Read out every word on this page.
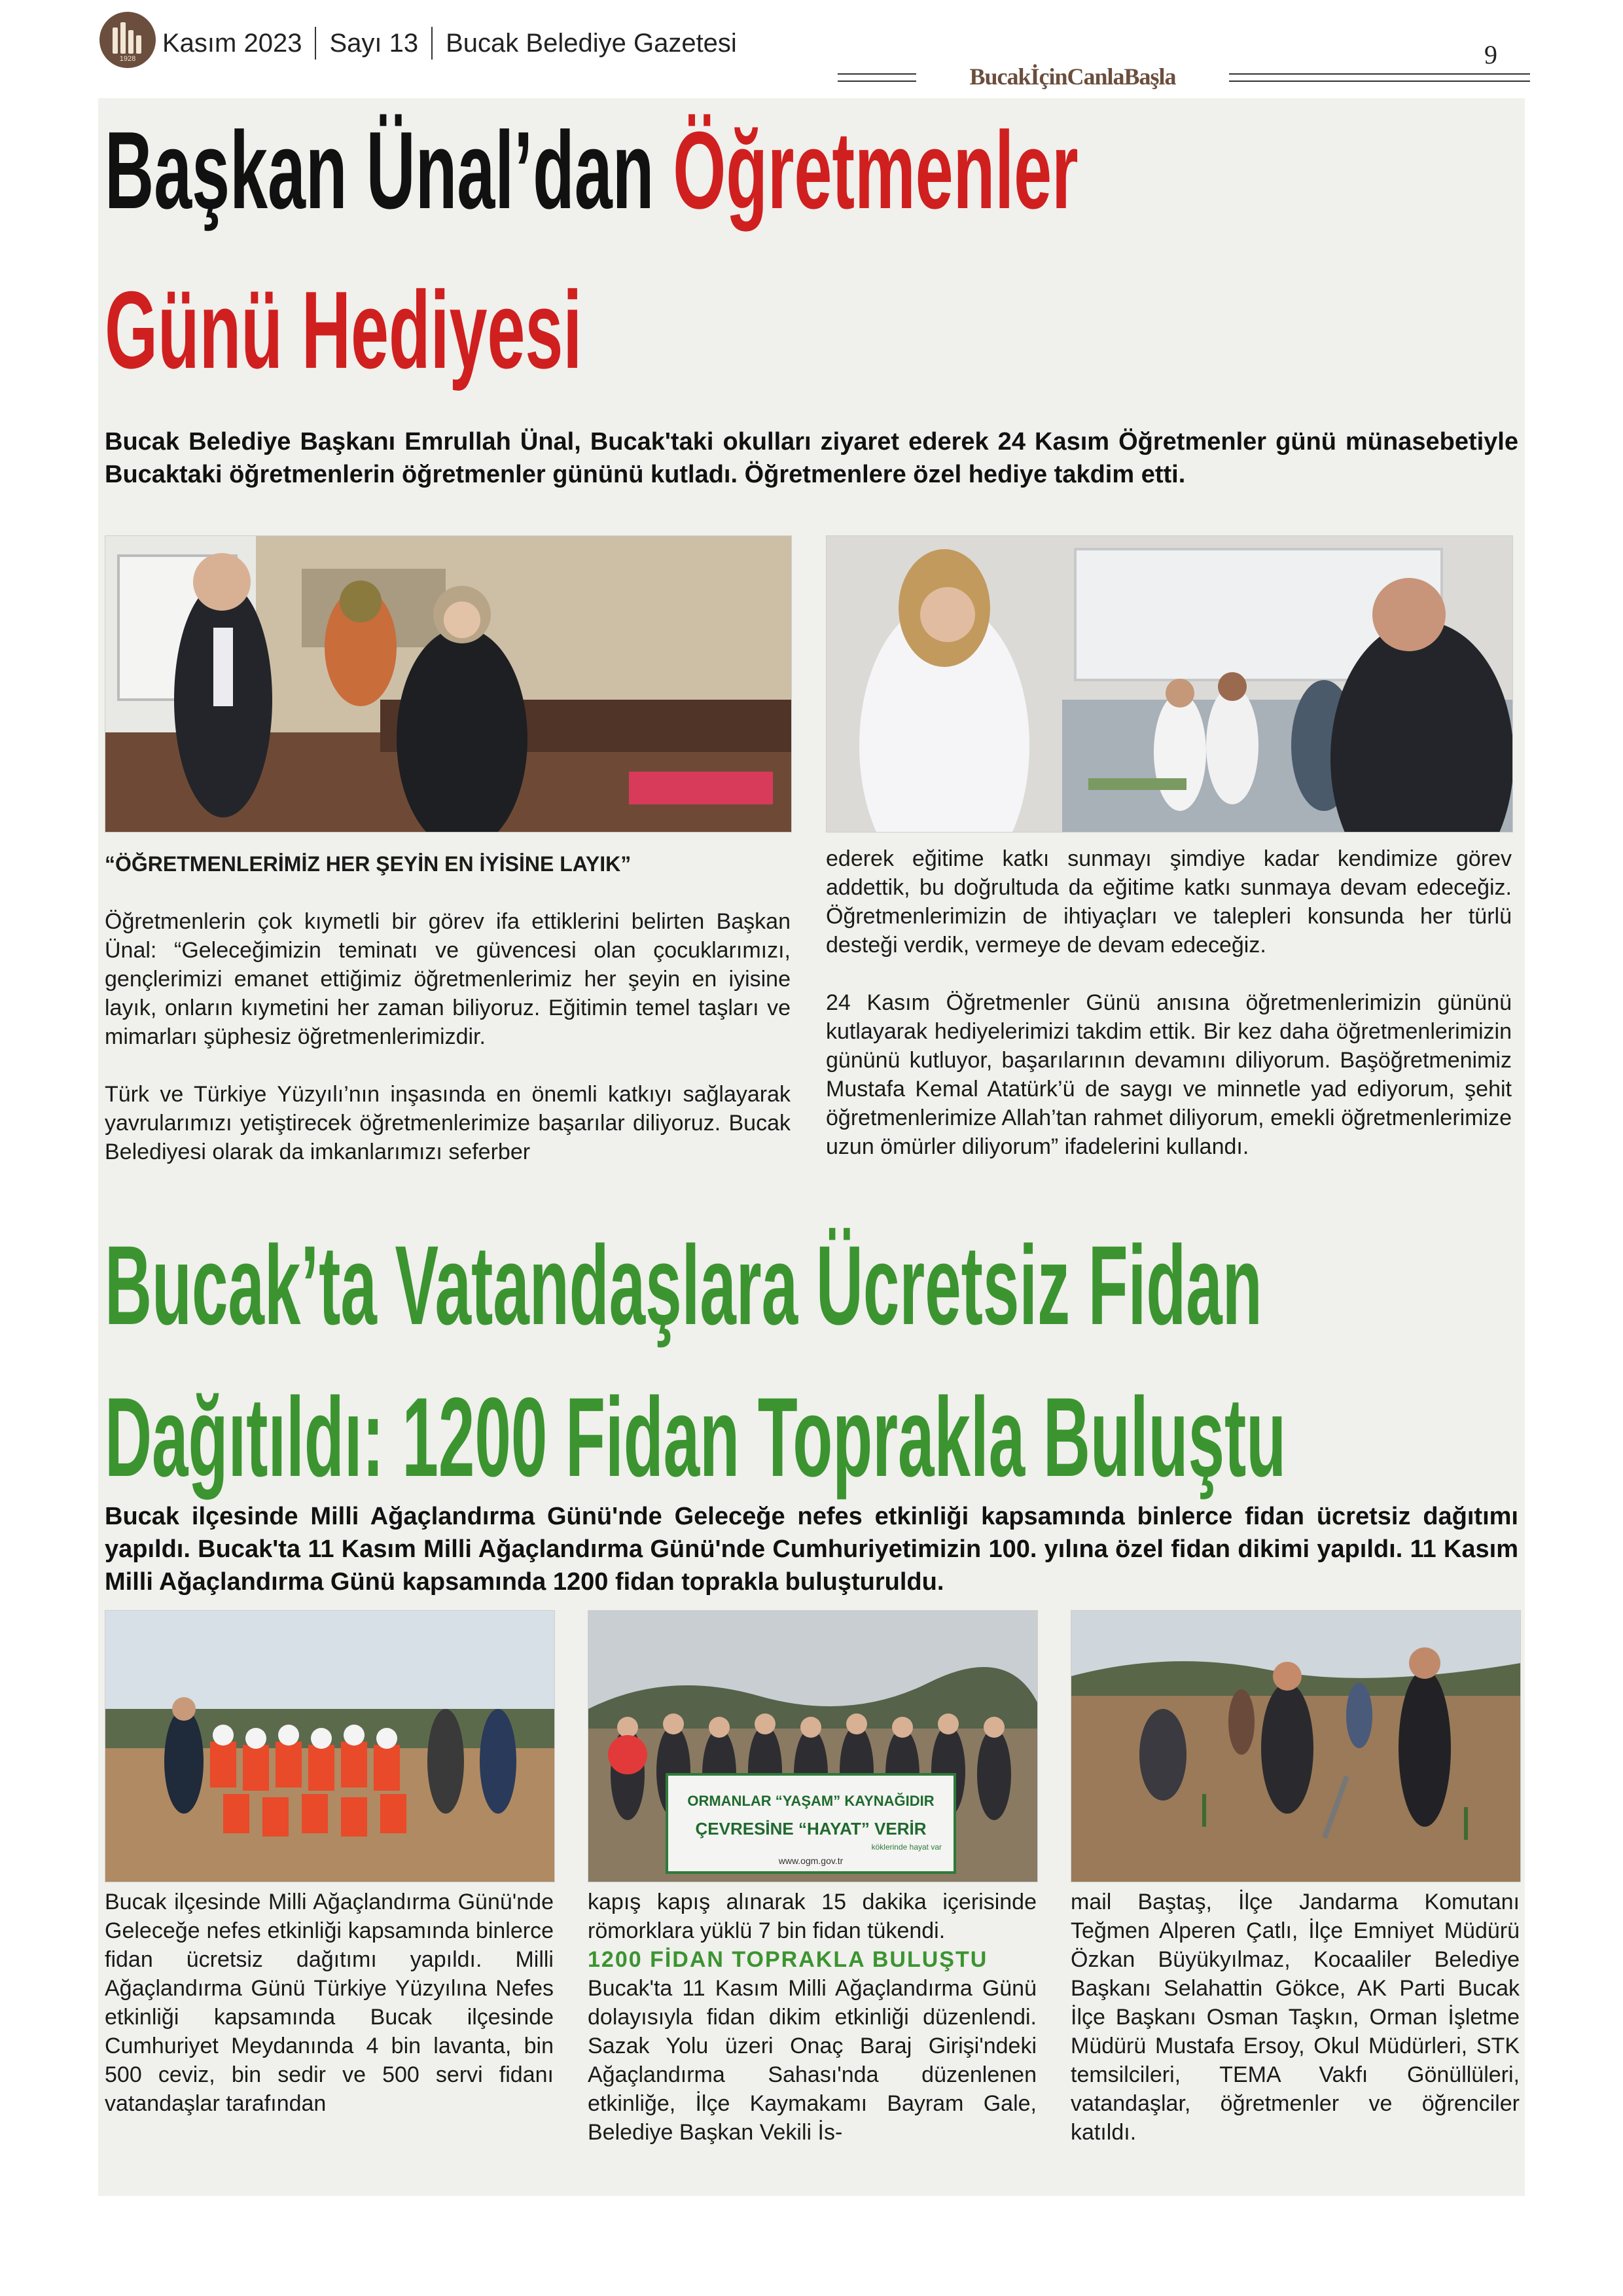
1928
Kasım 2023 Sayı 13 Bucak Belediye Gazetesi	9
BucakİçinCanlaBaşla
Başkan Ünal’dan Öğretmenler
Günü Hediyesi
Bucak Belediye Başkanı Emrullah Ünal, Bucak'taki okulları ziyaret ederek 24 Kasım Öğretmenler günü münasebetiyle Bucaktaki öğretmenlerin öğretmenler gününü kutladı. Öğretmenlere özel hediye takdim etti.

“ÖĞRETMENLERİMİZ HER ŞEYİN EN İYİSİNE LAYIK”

Öğretmenlerin çok kıymetli bir görev ifa ettiklerini belirten Başkan Ünal: “Geleceğimizin teminatı ve güvencesi olan çocuklarımızı, gençlerimizi emanet ettiğimiz öğretmenlerimiz her şeyin en iyisine layık, onların kıymetini her zaman biliyoruz. Eğitimin temel taşları ve mimarları şüphesiz öğretmenlerimizdir.

Türk ve Türkiye Yüzyılı’nın inşasında en önemli katkıyı sağlayarak yavrularımızı yetiştirecek öğretmenlerimize başarılar diliyoruz. Bucak Belediyesi olarak da imkanlarımızı seferber

ederek eğitime katkı sunmayı şimdiye kadar kendimize görev addettik, bu doğrultuda da eğitime katkı sunmaya devam edeceğiz. Öğretmenlerimizin de ihtiyaçları ve talepleri konsunda her türlü desteği verdik, vermeye de devam edeceğiz.

24 Kasım Öğretmenler Günü anısına öğretmenlerimizin gününü kutlayarak hediyelerimizi takdim ettik. Bir kez daha öğretmenlerimizin gününü kutluyor, başarılarının devamını diliyorum. Başöğretmenimiz Mustafa Kemal Atatürk’ü de saygı ve minnetle yad ediyorum, şehit öğretmenlerimize Allah’tan rahmet diliyorum, emekli öğretmenlerimize uzun ömürler diliyorum” ifadelerini kullandı.

Bucak’ta Vatandaşlara Ücretsiz Fidan
Dağıtıldı: 1200 Fidan Toprakla Buluştu
Bucak ilçesinde Milli Ağaçlandırma Günü'nde Geleceğe nefes etkinliği kapsamında binlerce fidan ücretsiz dağıtımı yapıldı. Bucak'ta 11 Kasım Milli Ağaçlandırma Günü'nde Cumhuriyetimizin 100. yılına özel fidan dikimi yapıldı. 11 Kasım Milli Ağaçlandırma Günü kapsamında 1200 fidan toprakla buluşturuldu.
ORMANLAR “YAŞAM” KAYNAĞIDIR
ÇEVRESİNE “HAYAT” VERİR
köklerinde hayat var
www.ogm.gov.tr

Bucak ilçesinde Milli Ağaçlandırma Günü'nde Geleceğe nefes etkinliği kapsamında binlerce fidan ücretsiz dağıtımı yapıldı. Milli Ağaçlandırma Günü Türkiye Yüzyılına Nefes etkinliği kapsamında Bucak ilçesinde Cumhuriyet Meydanında 4 bin lavanta, bin 500 ceviz, bin sedir ve 500 servi fidanı vatandaşlar tarafından

kapış kapış alınarak 15 dakika içerisinde römorklara yüklü 7 bin fidan tükendi.

1200 FİDAN TOPRAKLA BULUŞTU

Bucak'ta 11 Kasım Milli Ağaçlandırma Günü dolayısıyla fidan dikim etkinliği düzenlendi. Sazak Yolu üzeri Onaç Baraj Girişi'ndeki Ağaçlandırma Sahası'nda düzenlenen etkinliğe, İlçe Kaymakamı Bayram Gale, Belediye Başkan Vekili İs-

mail Baştaş, İlçe Jandarma Komutanı Teğmen Alperen Çatlı, İlçe Emniyet Müdürü Özkan Büyükyılmaz, Kocaaliler Belediye Başkanı Selahattin Gökce, AK Parti Bucak İlçe Başkanı Osman Taşkın, Orman İşletme Müdürü Mustafa Ersoy, Okul Müdürleri, STK temsilcileri, TEMA Vakfı Gönüllüleri, vatandaşlar, öğretmenler ve öğrenciler katıldı.
